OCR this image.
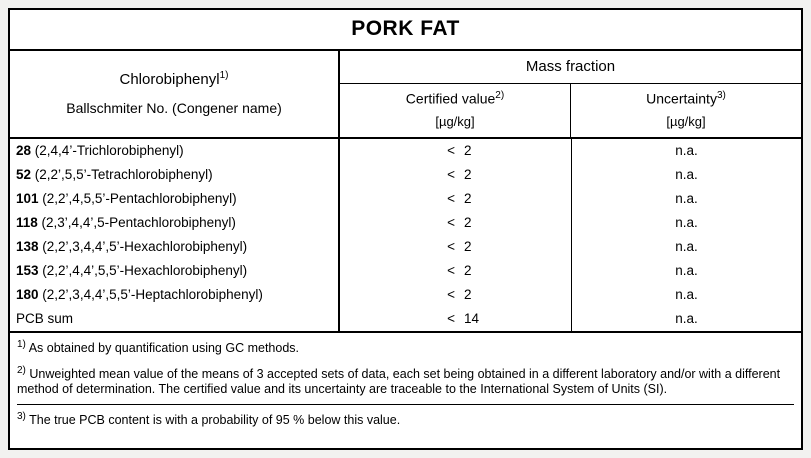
PORK FAT
Chlorobiphenyl$^{1)}$
Ballschmiter No. (Congener name)
Mass fraction
Certified value$^{2)}$
[µg/kg]
Uncertainty$^{3)}$
[µg/kg]
28
(2,4,4’-Trichlorobiphenyl)	< 2	n.a.
52
(2,2’,5,5’-Tetrachlorobiphenyl)	< 2	n.a.
101
(2,2’,4,5,5’-Pentachlorobiphenyl)	< 2	n.a.
118
(2,3’,4,4’,5-Pentachlorobiphenyl)	< 2	n.a.
138
(2,2’,3,4,4’,5’-Hexachlorobiphenyl)	< 2	n.a.
153
(2,2’,4,4’,5,5’-Hexachlorobiphenyl)	< 2	n.a.
180
(2,2’,3,4,4’,5,5’-Heptachlorobiphenyl)	< 2	n.a.
PCB sum	< 14	n.a.
$^{1)}$ As obtained by quantification using GC methods.
$^{2)}$ Unweighted mean value of the means of 3 accepted sets of data, each set being obtained in a different laboratory and/or with a different method of determination. The certified value and its uncertainty are traceable to the International System of Units (SI).
$^{3)}$ The true PCB content is with a probability of 95 % below this value.
